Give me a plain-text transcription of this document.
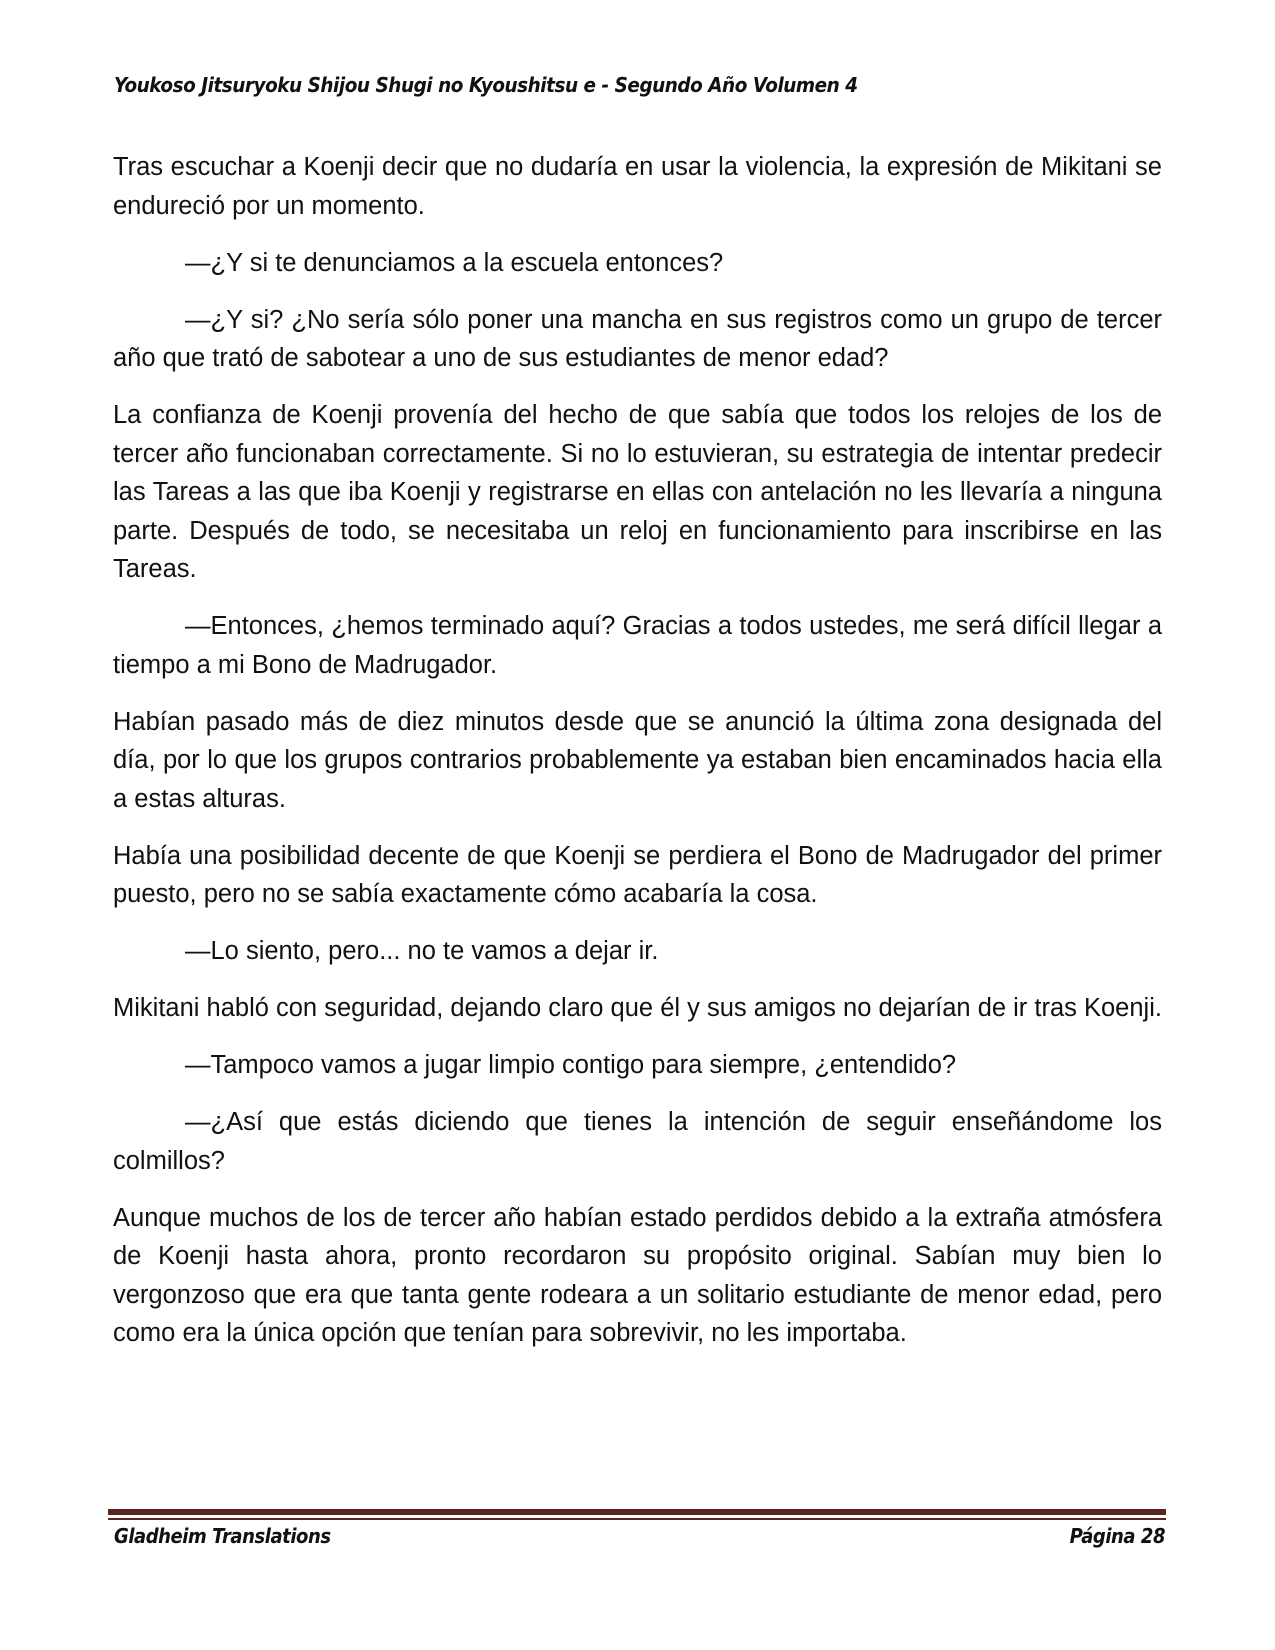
Youkoso Jitsuryoku Shijou Shugi no Kyoushitsu e - Segundo Año Volumen 4

Tras escuchar a Koenji decir que no dudaría en usar la violencia, la expresión de Mikitani se endureció por un momento.

—¿Y si te denunciamos a la escuela entonces?

—¿Y si? ¿No sería sólo poner una mancha en sus registros como un grupo de tercer año que trató de sabotear a uno de sus estudiantes de menor edad?

La confianza de Koenji provenía del hecho de que sabía que todos los relojes de los de tercer año funcionaban correctamente. Si no lo estuvieran, su estrategia de intentar predecir las Tareas a las que iba Koenji y registrarse en ellas con antelación no les llevaría a ninguna parte. Después de todo, se necesitaba un reloj en funcionamiento para inscribirse en las Tareas.

—Entonces, ¿hemos terminado aquí? Gracias a todos ustedes, me será difícil llegar a tiempo a mi Bono de Madrugador.

Habían pasado más de diez minutos desde que se anunció la última zona designada del día, por lo que los grupos contrarios probablemente ya estaban bien encaminados hacia ella a estas alturas.

Había una posibilidad decente de que Koenji se perdiera el Bono de Madrugador del primer puesto, pero no se sabía exactamente cómo acabaría la cosa.

—Lo siento, pero... no te vamos a dejar ir.

Mikitani habló con seguridad, dejando claro que él y sus amigos no dejarían de ir tras Koenji.

—Tampoco vamos a jugar limpio contigo para siempre, ¿entendido?

—¿Así que estás diciendo que tienes la intención de seguir enseñándome los colmillos?

Aunque muchos de los de tercer año habían estado perdidos debido a la extraña atmósfera de Koenji hasta ahora, pronto recordaron su propósito original. Sabían muy bien lo vergonzoso que era que tanta gente rodeara a un solitario estudiante de menor edad, pero como era la única opción que tenían para sobrevivir, no les importaba.

Gladheim Translations	Página 28
